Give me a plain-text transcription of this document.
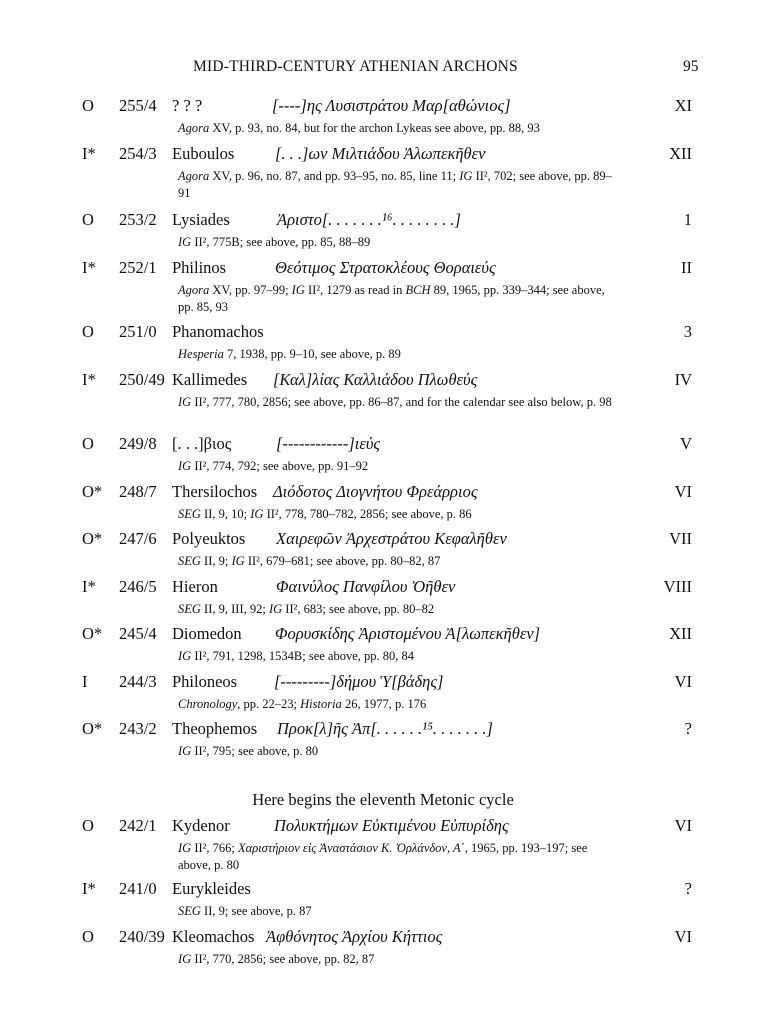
MID-THIRD-CENTURY ATHENIAN ARCHONS	95
O	255/4 ? ? ?	[----]ης Λυσιστράτου Μαρ[αθώνιος]	XI
Agora XV, p. 93, no. 84, but for the archon Lykeas see above, pp. 88, 93
I*	254/3 Euboulos [. . .]ων Μιλτιάδου Ἀλωπεκῆθεν	XII
Agora XV, p. 96, no. 87, and pp. 93–95, no. 85, line 11; IG II², 702; see above, pp. 89–91
O	253/2 Lysiades	Ἀριστο[. . . . . . .¹⁶. . . . . . . .]	1
IG II², 775B; see above, pp. 85, 88–89
I*	252/1 Philinos	Θεότιμος Στρατοκλέους Θοραιεύς	II
Agora XV, pp. 97–99; IG II², 1279 as read in BCH 89, 1965, pp. 339–344; see above, pp. 85, 93
O	251/0 Phanomachos	3
Hesperia 7, 1938, pp. 9–10, see above, p. 89
I*	250/49 Kallimedes [Καλ]λίας Καλλιάδου Πλωθεύς	IV
IG II², 777, 780, 2856; see above, pp. 86–87, and for the calendar see also below, p. 98
O	249/8 [. . .]βιος	[------------]ιεύς	V
IG II², 774, 792; see above, pp. 91–92
O*	248/7 Thersilochos Διόδοτος Διογνήτου Φρεάρριος	VI
SEG II, 9, 10; IG II², 778, 780–782, 2856; see above, p. 86
O*	247/6 Polyeuktos Χαιρεφῶν Ἀρχεστράτου Κεφαλῆθεν	VII
SEG II, 9; IG II², 679–681; see above, pp. 80–82, 87
I*	246/5 Hieron	Φαινύλος Πανφίλου Ὀῆθεν	VIII
SEG II, 9, III, 92; IG II², 683; see above, pp. 80–82
O*	245/4 Diomedon Φορυσκίδης Ἀριστομένου Ἀ[λωπεκῆθεν]	XII
IG II², 791, 1298, 1534B; see above, pp. 80, 84
I	244/3 Philoneos [---------]δήμου Ὑ[βάδης]	VI
Chronology, pp. 22–23; Historia 26, 1977, p. 176
O*	243/2 Theophemos Προκ[λ]ῆς Ἀπ[. . . . . .¹⁵. . . . . . .]	?
IG II², 795; see above, p. 80
O	242/1 Kydenor	Πολυκτήμων Εὐκτιμένου Εὐπυρίδης	VI
IG II², 766; Χαριστήριον εἰς Ἀναστάσιον Κ. Ὀρλάνδον, Α΄, 1965, pp. 193–197; see above, p. 80
I*	241/0 Eurykleides	?
SEG II, 9; see above, p. 87
O	240/39 Kleomachos Ἀφθόνητος Ἀρχίου Κήττιος	VI
IG II², 770, 2856; see above, pp. 82, 87
Here begins the eleventh Metonic cycle
